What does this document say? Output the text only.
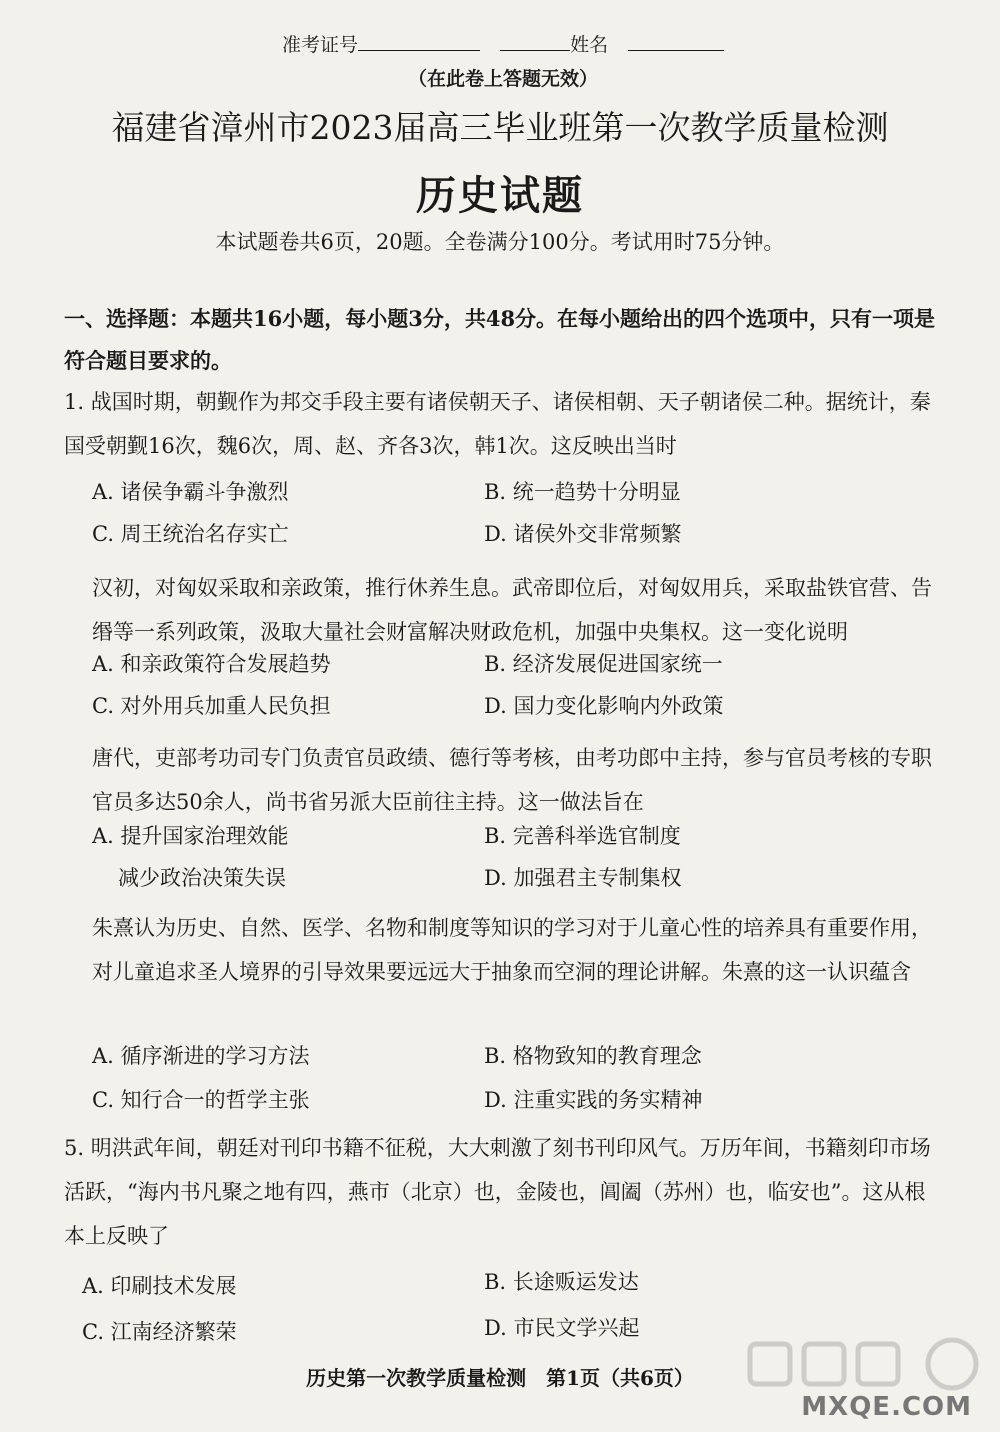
准考证号	姓名
（在此卷上答题无效）
福建省漳州市2023届高三毕业班第一次教学质量检测
历史试题
本试题卷共6页，20题。全卷满分100分。考试用时75分钟。
一、选择题：本题共16小题，每小题3分，共48分。在每小题给出的四个选项中，只有一项是符合题目要求的。
1. 战国时期，朝觐作为邦交手段主要有诸侯朝天子、诸侯相朝、天子朝诸侯二种。据统计，秦国受朝觐16次，魏6次，周、赵、齐各3次，韩1次。这反映出当时
A. 诸侯争霸斗争激烈	B. 统一趋势十分明显
C. 周王统治名存实亡	D. 诸侯外交非常频繁
汉初，对匈奴采取和亲政策，推行休养生息。武帝即位后，对匈奴用兵，采取盐铁官营、告缗等一系列政策，汲取大量社会财富解决财政危机，加强中央集权。这一变化说明
A. 和亲政策符合发展趋势	B. 经济发展促进国家统一
C. 对外用兵加重人民负担	D. 国力变化影响内外政策
唐代，吏部考功司专门负责官员政绩、德行等考核，由考功郎中主持，参与官员考核的专职官员多达50余人，尚书省另派大臣前往主持。这一做法旨在
A. 提升国家治理效能	B. 完善科举选官制度
减少政治决策失误	D. 加强君主专制集权
朱熹认为历史、自然、医学、名物和制度等知识的学习对于儿童心性的培养具有重要作用，对儿童追求圣人境界的引导效果要远远大于抽象而空洞的理论讲解。朱熹的这一认识蕴含
A. 循序渐进的学习方法	B. 格物致知的教育理念
C. 知行合一的哲学主张	D. 注重实践的务实精神
5. 明洪武年间，朝廷对刊印书籍不征税，大大刺激了刻书刊印风气。万历年间，书籍刻印市场活跃，“海内书凡聚之地有四，燕市（北京）也，金陵也，阊阖（苏州）也，临安也”。这从根本上反映了
A. 印刷技术发展	B. 长途贩运发达
C. 江南经济繁荣	D. 市民文学兴起
历史第一次教学质量检测　第1页（共6页）
MXQE.COM
